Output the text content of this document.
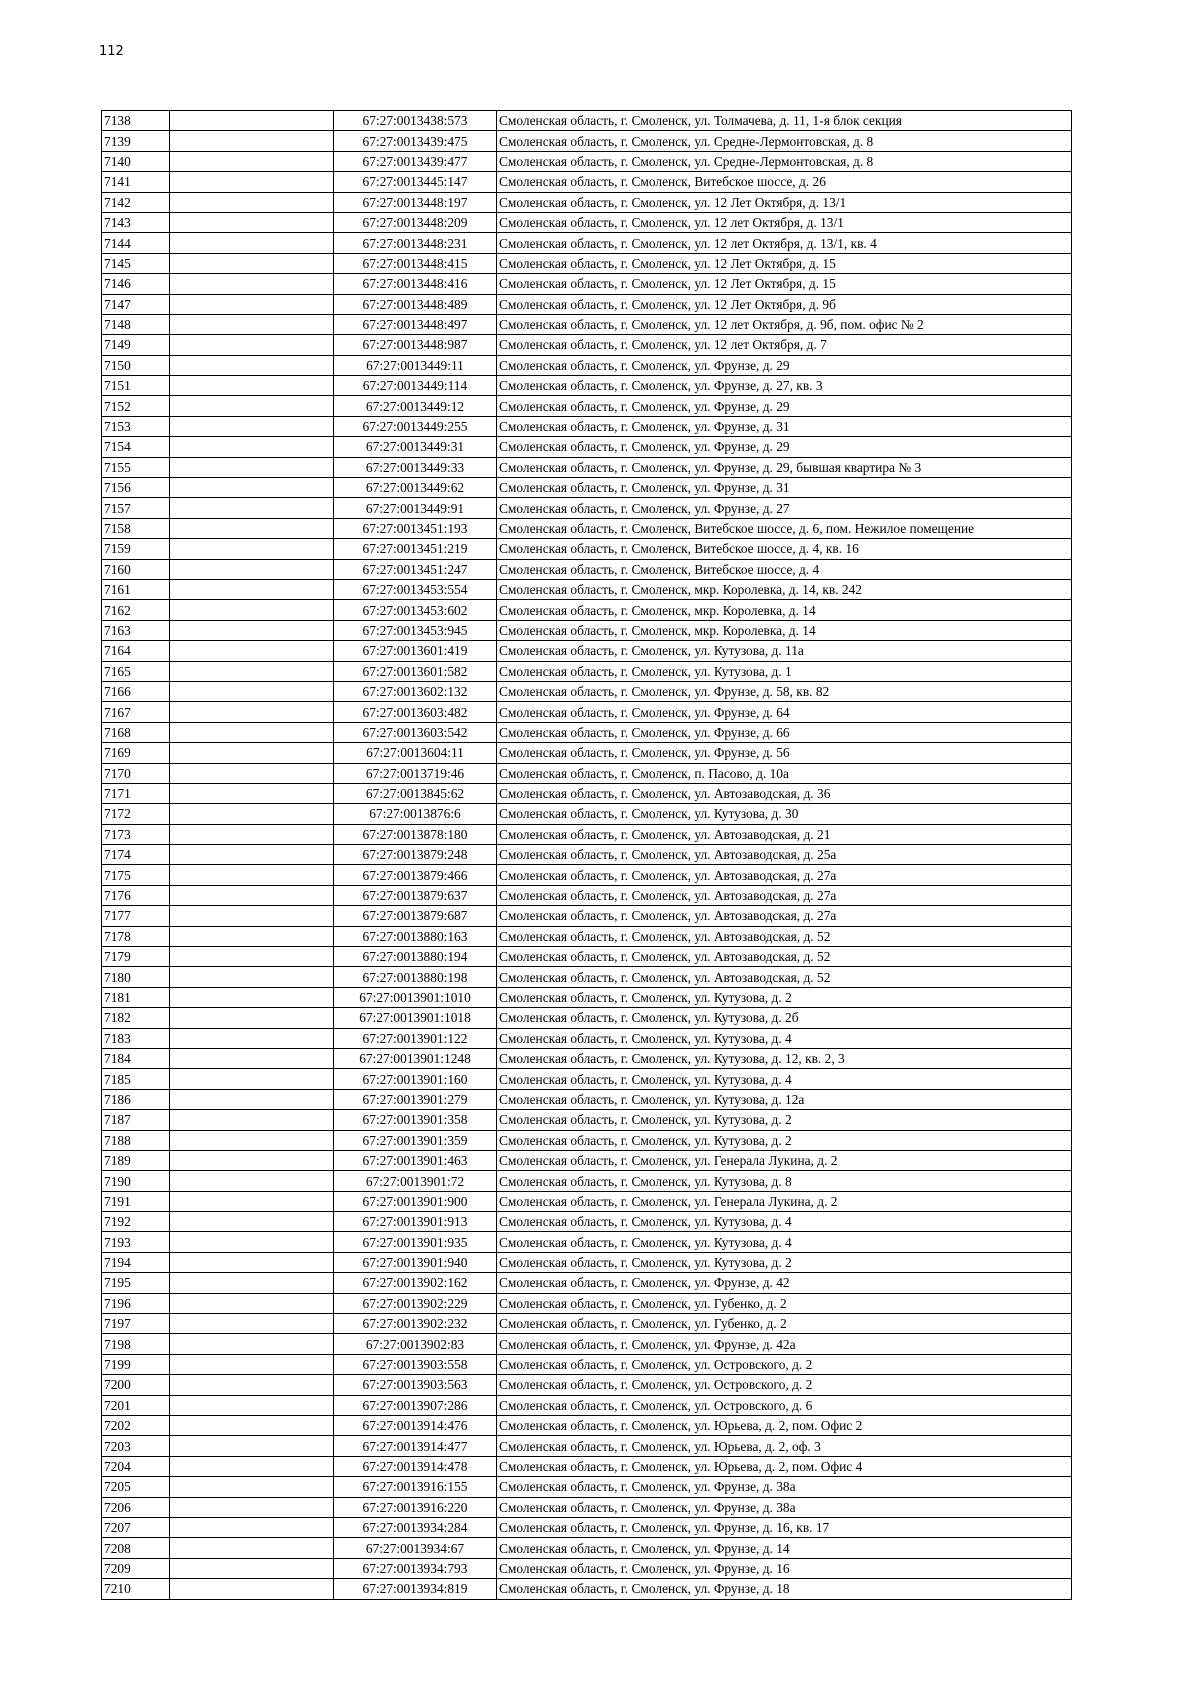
112
7138		67:27:0013438:573	Смоленская область, г. Смоленск, ул. Толмачева, д. 11, 1-я блок секция
7139		67:27:0013439:475	Смоленская область, г. Смоленск, ул. Средне-Лермонтовская, д. 8
7140		67:27:0013439:477	Смоленская область, г. Смоленск, ул. Средне-Лермонтовская, д. 8
7141		67:27:0013445:147	Смоленская область, г. Смоленск, Витебское шоссе, д. 26
7142		67:27:0013448:197	Смоленская область, г. Смоленск, ул. 12 Лет Октября, д. 13/1
7143		67:27:0013448:209	Смоленская область, г. Смоленск, ул. 12 лет Октября, д. 13/1
7144		67:27:0013448:231	Смоленская область, г. Смоленск, ул. 12 лет Октября, д. 13/1, кв. 4
7145		67:27:0013448:415	Смоленская область, г. Смоленск, ул. 12 Лет Октября, д. 15
7146		67:27:0013448:416	Смоленская область, г. Смоленск, ул. 12 Лет Октября, д. 15
7147		67:27:0013448:489	Смоленская область, г. Смоленск, ул. 12 Лет Октября, д. 9б
7148		67:27:0013448:497	Смоленская область, г. Смоленск, ул. 12 лет Октября, д. 9б, пом. офис № 2
7149		67:27:0013448:987	Смоленская область, г. Смоленск, ул. 12 лет Октября, д. 7
7150		67:27:0013449:11	Смоленская область, г. Смоленск, ул. Фрунзе, д. 29
7151		67:27:0013449:114	Смоленская область, г. Смоленск, ул. Фрунзе, д. 27, кв. 3
7152		67:27:0013449:12	Смоленская область, г. Смоленск, ул. Фрунзе, д. 29
7153		67:27:0013449:255	Смоленская область, г. Смоленск, ул. Фрунзе, д. 31
7154		67:27:0013449:31	Смоленская область, г. Смоленск, ул. Фрунзе, д. 29
7155		67:27:0013449:33	Смоленская область, г. Смоленск, ул. Фрунзе, д. 29, бывшая квартира № 3
7156		67:27:0013449:62	Смоленская область, г. Смоленск, ул. Фрунзе, д. 31
7157		67:27:0013449:91	Смоленская область, г. Смоленск, ул. Фрунзе, д. 27
7158		67:27:0013451:193	Смоленская область, г. Смоленск, Витебское шоссе, д. 6, пом. Нежилое помещение
7159		67:27:0013451:219	Смоленская область, г. Смоленск, Витебское шоссе, д. 4, кв. 16
7160		67:27:0013451:247	Смоленская область, г. Смоленск, Витебское шоссе, д. 4
7161		67:27:0013453:554	Смоленская область, г. Смоленск, мкр. Королевка, д. 14, кв. 242
7162		67:27:0013453:602	Смоленская область, г. Смоленск, мкр. Королевка, д. 14
7163		67:27:0013453:945	Смоленская область, г. Смоленск, мкр. Королевка, д. 14
7164		67:27:0013601:419	Смоленская область, г. Смоленск, ул. Кутузова, д. 11а
7165		67:27:0013601:582	Смоленская область, г. Смоленск, ул. Кутузова, д. 1
7166		67:27:0013602:132	Смоленская область, г. Смоленск, ул. Фрунзе, д. 58, кв. 82
7167		67:27:0013603:482	Смоленская область, г. Смоленск, ул. Фрунзе, д. 64
7168		67:27:0013603:542	Смоленская область, г. Смоленск, ул. Фрунзе, д. 66
7169		67:27:0013604:11	Смоленская область, г. Смоленск, ул. Фрунзе, д. 56
7170		67:27:0013719:46	Смоленская область, г. Смоленск, п. Пасово, д. 10а
7171		67:27:0013845:62	Смоленская область, г. Смоленск, ул. Автозаводская, д. 36
7172		67:27:0013876:6	Смоленская область, г. Смоленск, ул. Кутузова, д. 30
7173		67:27:0013878:180	Смоленская область, г. Смоленск, ул. Автозаводская, д. 21
7174		67:27:0013879:248	Смоленская область, г. Смоленск, ул. Автозаводская, д. 25а
7175		67:27:0013879:466	Смоленская область, г. Смоленск, ул. Автозаводская, д. 27а
7176		67:27:0013879:637	Смоленская область, г. Смоленск, ул. Автозаводская, д. 27а
7177		67:27:0013879:687	Смоленская область, г. Смоленск, ул. Автозаводская, д. 27а
7178		67:27:0013880:163	Смоленская область, г. Смоленск, ул. Автозаводская, д. 52
7179		67:27:0013880:194	Смоленская область, г. Смоленск, ул. Автозаводская, д. 52
7180		67:27:0013880:198	Смоленская область, г. Смоленск, ул. Автозаводская, д. 52
7181		67:27:0013901:1010	Смоленская область, г. Смоленск, ул. Кутузова, д. 2
7182		67:27:0013901:1018	Смоленская область, г. Смоленск, ул. Кутузова, д. 2б
7183		67:27:0013901:122	Смоленская область, г. Смоленск, ул. Кутузова, д. 4
7184		67:27:0013901:1248	Смоленская область, г. Смоленск, ул. Кутузова, д. 12, кв. 2, 3
7185		67:27:0013901:160	Смоленская область, г. Смоленск, ул. Кутузова, д. 4
7186		67:27:0013901:279	Смоленская область, г. Смоленск, ул. Кутузова, д. 12а
7187		67:27:0013901:358	Смоленская область, г. Смоленск, ул. Кутузова, д. 2
7188		67:27:0013901:359	Смоленская область, г. Смоленск, ул. Кутузова, д. 2
7189		67:27:0013901:463	Смоленская область, г. Смоленск, ул. Генерала Лукина, д. 2
7190		67:27:0013901:72	Смоленская область, г. Смоленск, ул. Кутузова, д. 8
7191		67:27:0013901:900	Смоленская область, г. Смоленск, ул. Генерала Лукина, д. 2
7192		67:27:0013901:913	Смоленская область, г. Смоленск, ул. Кутузова, д. 4
7193		67:27:0013901:935	Смоленская область, г. Смоленск, ул. Кутузова, д. 4
7194		67:27:0013901:940	Смоленская область, г. Смоленск, ул. Кутузова, д. 2
7195		67:27:0013902:162	Смоленская область, г. Смоленск, ул. Фрунзе, д. 42
7196		67:27:0013902:229	Смоленская область, г. Смоленск, ул. Губенко, д. 2
7197		67:27:0013902:232	Смоленская область, г. Смоленск, ул. Губенко, д. 2
7198		67:27:0013902:83	Смоленская область, г. Смоленск, ул. Фрунзе, д. 42а
7199		67:27:0013903:558	Смоленская область, г. Смоленск, ул. Островского, д. 2
7200		67:27:0013903:563	Смоленская область, г. Смоленск, ул. Островского, д. 2
7201		67:27:0013907:286	Смоленская область, г. Смоленск, ул. Островского, д. 6
7202		67:27:0013914:476	Смоленская область, г. Смоленск, ул. Юрьева, д. 2, пом. Офис 2
7203		67:27:0013914:477	Смоленская область, г. Смоленск, ул. Юрьева, д. 2, оф. 3
7204		67:27:0013914:478	Смоленская область, г. Смоленск, ул. Юрьева, д. 2, пом. Офис 4
7205		67:27:0013916:155	Смоленская область, г. Смоленск, ул. Фрунзе, д. 38а
7206		67:27:0013916:220	Смоленская область, г. Смоленск, ул. Фрунзе, д. 38а
7207		67:27:0013934:284	Смоленская область, г. Смоленск, ул. Фрунзе, д. 16, кв. 17
7208		67:27:0013934:67	Смоленская область, г. Смоленск, ул. Фрунзе, д. 14
7209		67:27:0013934:793	Смоленская область, г. Смоленск, ул. Фрунзе, д. 16
7210		67:27:0013934:819	Смоленская область, г. Смоленск, ул. Фрунзе, д. 18
